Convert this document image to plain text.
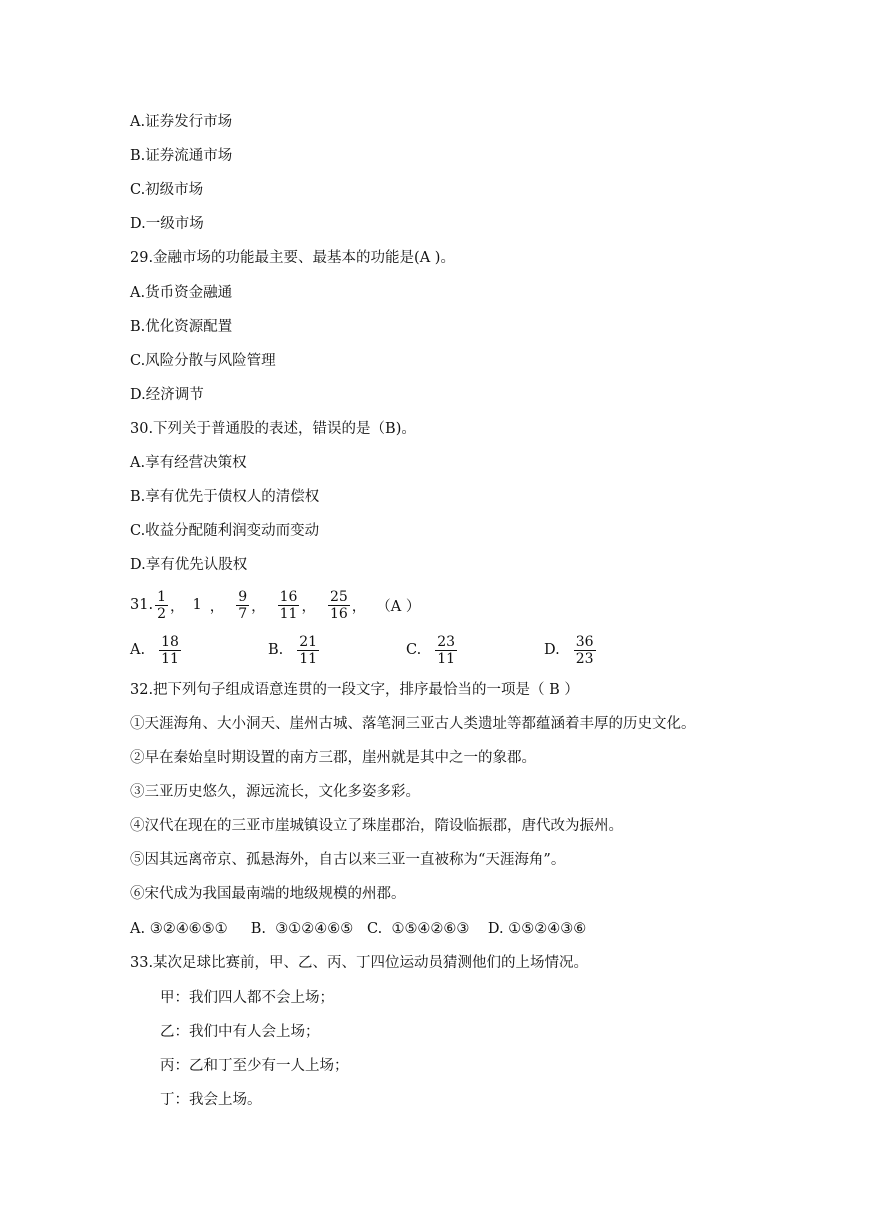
A.证券发行市场
B.证券流通市场
C.初级市场
D.一级市场
29.金融市场的功能最主要、最基本的功能是(A )。
A.货币资金融通
B.优化资源配置
C.风险分散与风险管理
D.经济调节
30.下列关于普通股的表述，错误的是（B)。
A.享有经营决策权
B.享有优先于债权人的清偿权
C.收益分配随利润变动而变动
D.享有优先认股权
31. $\frac{1}{2}$ ， 1 ， $\frac{9}{7}$ ， $\frac{16}{11}$ ， $\frac{25}{16}$ ， （A ）
A. $\frac{18}{11}$	B. $\frac{21}{11}$	C. $\frac{23}{11}$	D. $\frac{36}{23}$
32.把下列句子组成语意连贯的一段文字，排序最恰当的一项是（ B ）
①天涯海角、大小洞天、崖州古城、落笔洞三亚古人类遗址等都蕴涵着丰厚的历史文化。
②早在秦始皇时期设置的南方三郡，崖州就是其中之一的象郡。
③三亚历史悠久，源远流长，文化多姿多彩。
④汉代在现在的三亚市崖城镇设立了珠崖郡治，隋设临振郡，唐代改为振州。
⑤因其远离帝京、孤悬海外，自古以来三亚一直被称为“天涯海角”。
⑥宋代成为我国最南端的地级规模的州郡。
A. ③②④⑥⑤①     B.  ③①②④⑥⑤   C.  ①⑤④②⑥③    D. ①⑤②④③⑥
33.某次足球比赛前，甲、乙、丙、丁四位运动员猜测他们的上场情况。
甲：我们四人都不会上场；
乙：我们中有人会上场；
丙：乙和丁至少有一人上场；
丁：我会上场。
